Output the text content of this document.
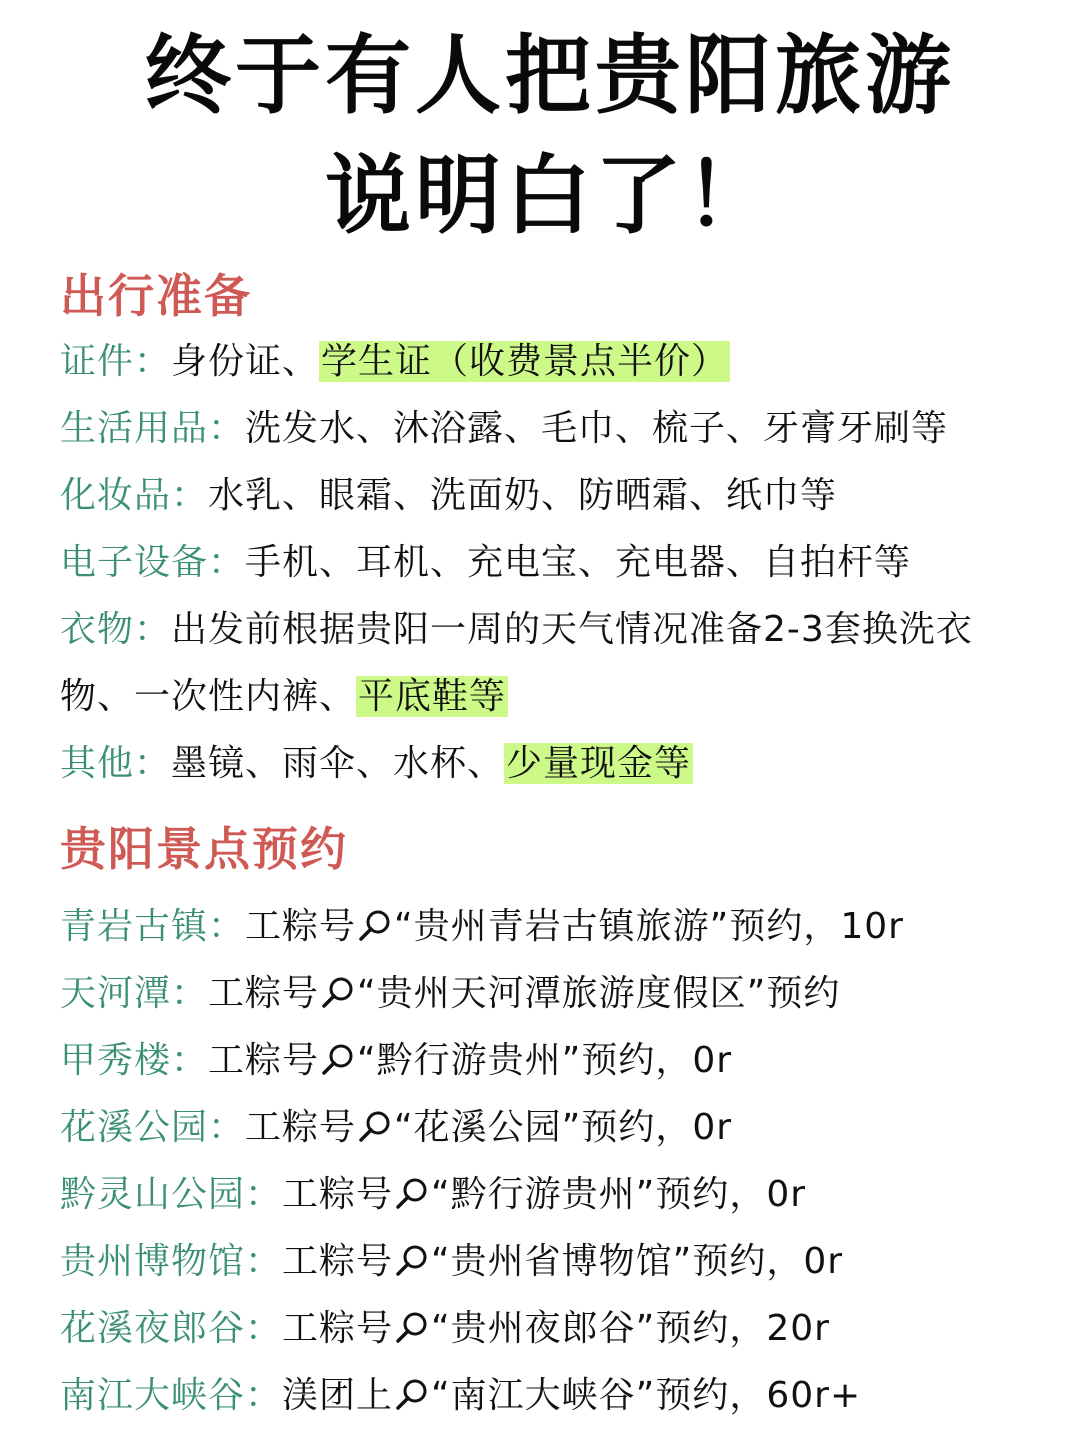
终于有人把贵阳旅游
说明白了！
出行准备
证件：身份证、学生证（收费景点半价）
生活用品：洗发水、沐浴露、毛巾、梳子、牙膏牙刷等
化妆品：水乳、眼霜、洗面奶、防晒霜、纸巾等
电子设备：手机、耳机、充电宝、充电器、自拍杆等
衣物：出发前根据贵阳一周的天气情况准备2-3套换洗衣物、一次性内裤、平底鞋等
其他：墨镜、雨伞、水杯、少量现金等
贵阳景点预约
青岩古镇：工粽号 “贵州青岩古镇旅游”预约，10r
天河潭：工粽号 “贵州天河潭旅游度假区”预约
甲秀楼：工粽号 “黔行游贵州”预约，0r
花溪公园：工粽号 “花溪公园”预约，0r
黔灵山公园：工粽号 “黔行游贵州”预约，0r
贵州博物馆：工粽号 “贵州省博物馆”预约，0r
花溪夜郎谷：工粽号 “贵州夜郎谷”预约，20r
南江大峡谷：渼团上 “南江大峡谷”预约，60r+
